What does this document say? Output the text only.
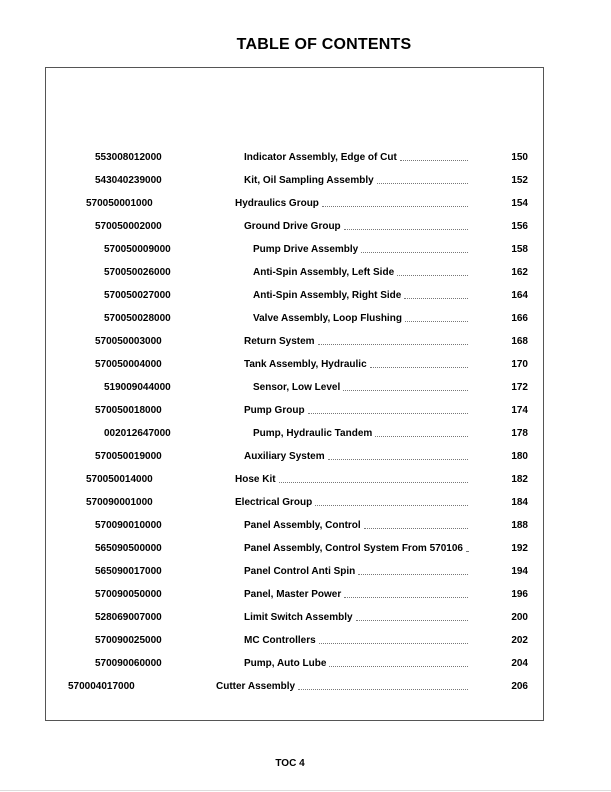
TABLE OF CONTENTS
553008012000	Indicator Assembly, Edge of Cut	150
543040239000	Kit, Oil Sampling Assembly	152
570050001000	Hydraulics Group	154
570050002000	Ground Drive Group	156
570050009000	Pump Drive Assembly	158
570050026000	Anti-Spin Assembly, Left Side	162
570050027000	Anti-Spin Assembly, Right Side	164
570050028000	Valve Assembly, Loop Flushing	166
570050003000	Return System	168
570050004000	Tank Assembly, Hydraulic	170
519009044000	Sensor, Low Level	172
570050018000	Pump Group	174
002012647000	Pump, Hydraulic Tandem	178
570050019000	Auxiliary System	180
570050014000	Hose Kit	182
570090001000	Electrical Group	184
570090010000	Panel Assembly, Control	188
565090500000	Panel Assembly, Control System From 570106	192
565090017000	Panel Control Anti Spin	194
570090050000	Panel, Master Power	196
528069007000	Limit Switch Assembly	200
570090025000	MC Controllers	202
570090060000	Pump, Auto Lube	204
570004017000	Cutter Assembly	206
TOC 4
